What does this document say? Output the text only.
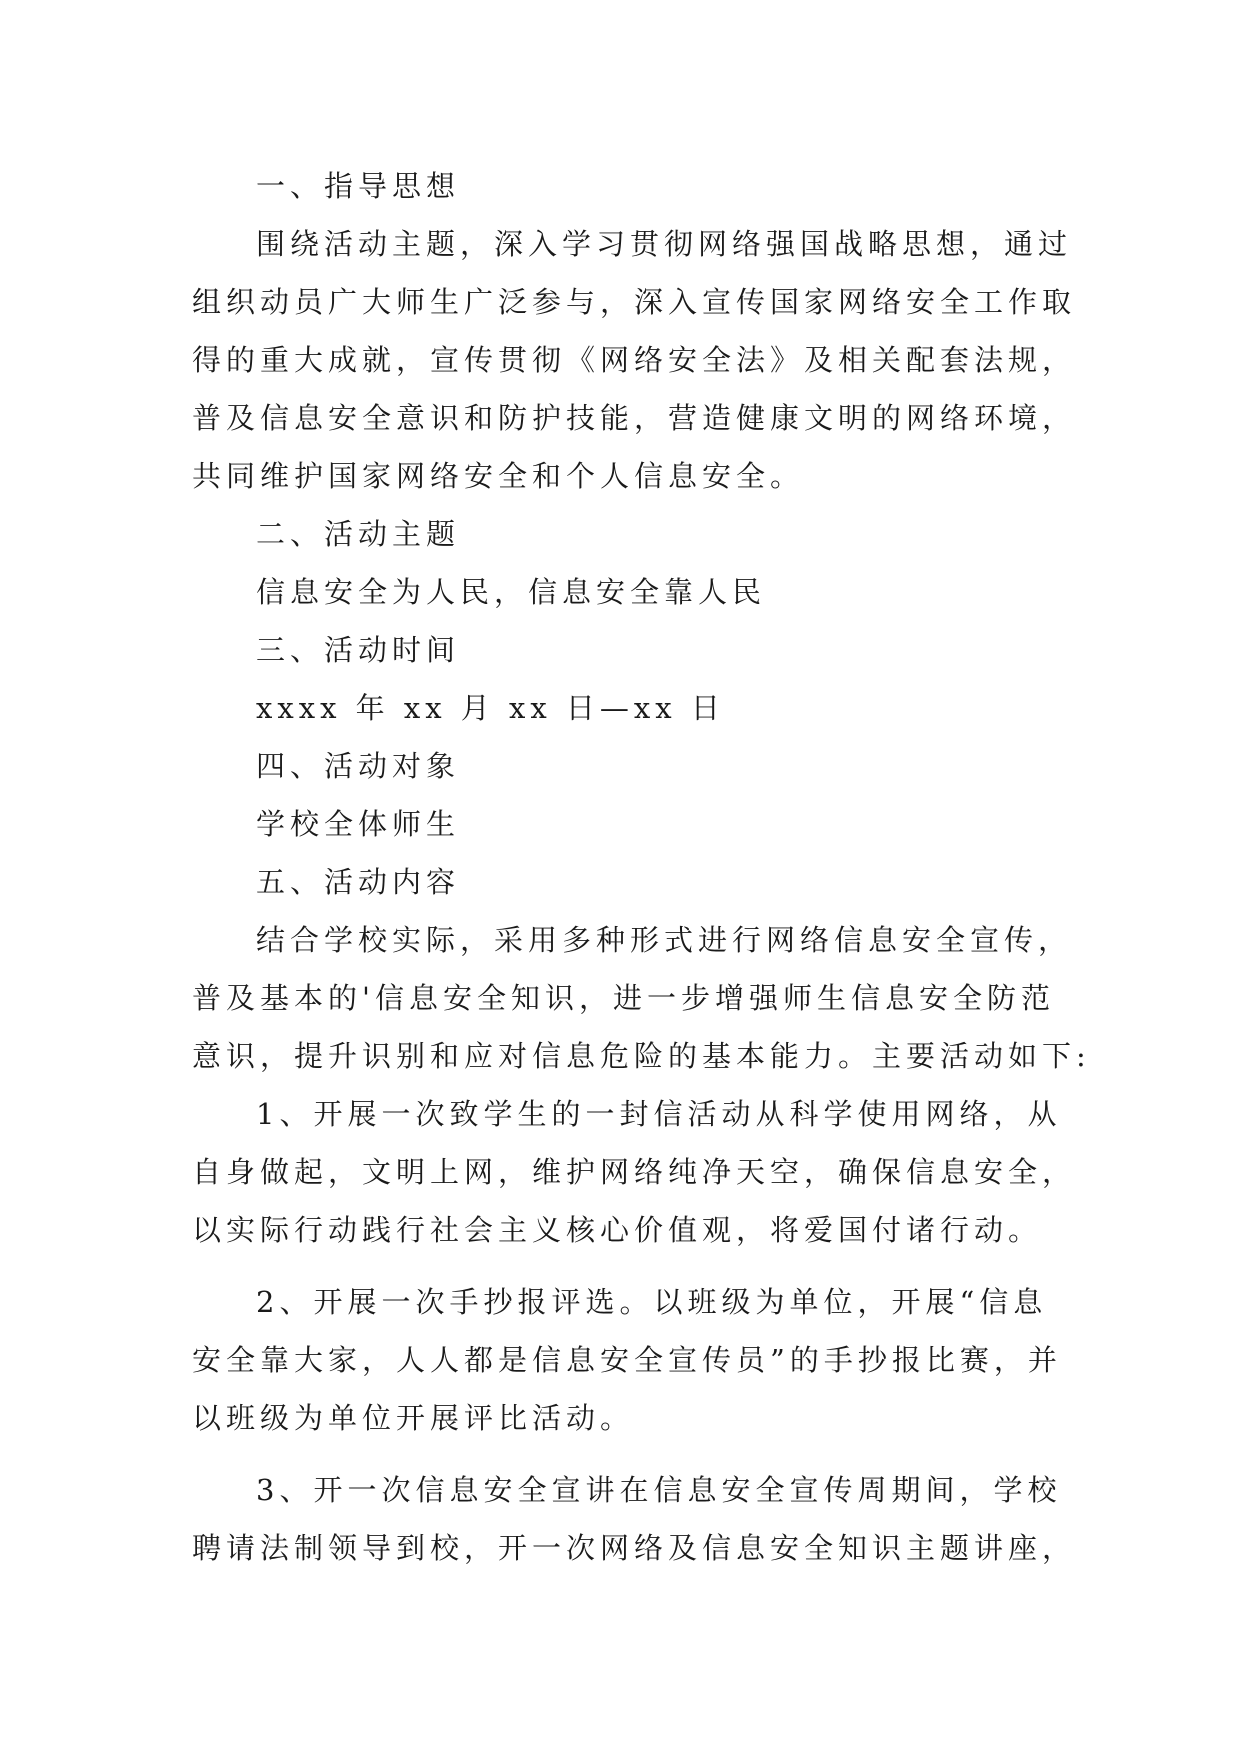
一、指导思想
围绕活动主题，深入学习贯彻网络强国战略思想，通过
组织动员广大师生广泛参与，深入宣传国家网络安全工作取
得的重大成就，宣传贯彻《网络安全法》及相关配套法规，
普及信息安全意识和防护技能，营造健康文明的网络环境，
共同维护国家网络安全和个人信息安全。
二、活动主题
信息安全为人民，信息安全靠人民
三、活动时间
xxxx 年 xx 月 xx 日—xx 日
四、活动对象
学校全体师生
五、活动内容
结合学校实际，采用多种形式进行网络信息安全宣传，
普及基本的'信息安全知识，进一步增强师生信息安全防范
意识，提升识别和应对信息危险的基本能力。主要活动如下:
1、开展一次致学生的一封信活动从科学使用网络，从
自身做起，文明上网，维护网络纯净天空，确保信息安全，
以实际行动践行社会主义核心价值观，将爱国付诸行动。
2、开展一次手抄报评选。以班级为单位，开展“信息
安全靠大家，人人都是信息安全宣传员”的手抄报比赛，并
以班级为单位开展评比活动。
3、开一次信息安全宣讲在信息安全宣传周期间，学校
聘请法制领导到校，开一次网络及信息安全知识主题讲座，
